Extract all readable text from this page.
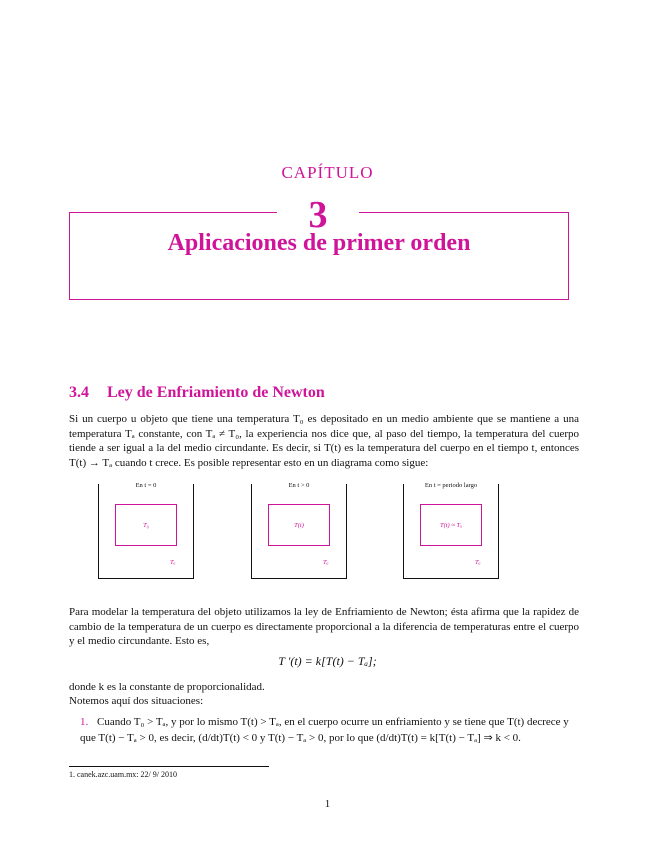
CAPÍTULO
3
Aplicaciones de primer orden
3.4 Ley de Enfriamiento de Newton
Si un cuerpo u objeto que tiene una temperatura T₀ es depositado en un medio ambiente que se mantiene a una temperatura Tₐ constante, con Tₐ ≠ T₀, la experiencia nos dice que, al paso del tiempo, la temperatura del cuerpo tiende a ser igual a la del medio circundante. Es decir, si T(t) es la temperatura del cuerpo en el tiempo t, entonces T(t) → Tₐ cuando t crece. Es posible representar esto en un diagrama como sigue:
En t = 0
T₀
Tₐ
En t > 0
T(t)
Tₐ
En t = periodo largo
T(t) ≈ Tₐ
Tₐ
Para modelar la temperatura del objeto utilizamos la ley de Enfriamiento de Newton; ésta afirma que la rapidez de cambio de la temperatura de un cuerpo es directamente proporcional a la diferencia de temperaturas entre el cuerpo y el medio circundante. Esto es,
T ′(t) = k[T(t) − Tₐ];
donde k es la constante de proporcionalidad.
Notemos aquí dos situaciones:
1. Cuando T₀ > Tₐ, y por lo mismo T(t) > Tₐ, en el cuerpo ocurre un enfriamiento y se tiene que T(t) decrece y que T(t) − Tₐ > 0, es decir, (d/dt)T(t) < 0 y T(t) − Tₐ > 0, por lo que (d/dt)T(t) = k[T(t) − Tₐ] ⇒ k < 0.
1. canek.azc.uam.mx: 22/ 9/ 2010
1
